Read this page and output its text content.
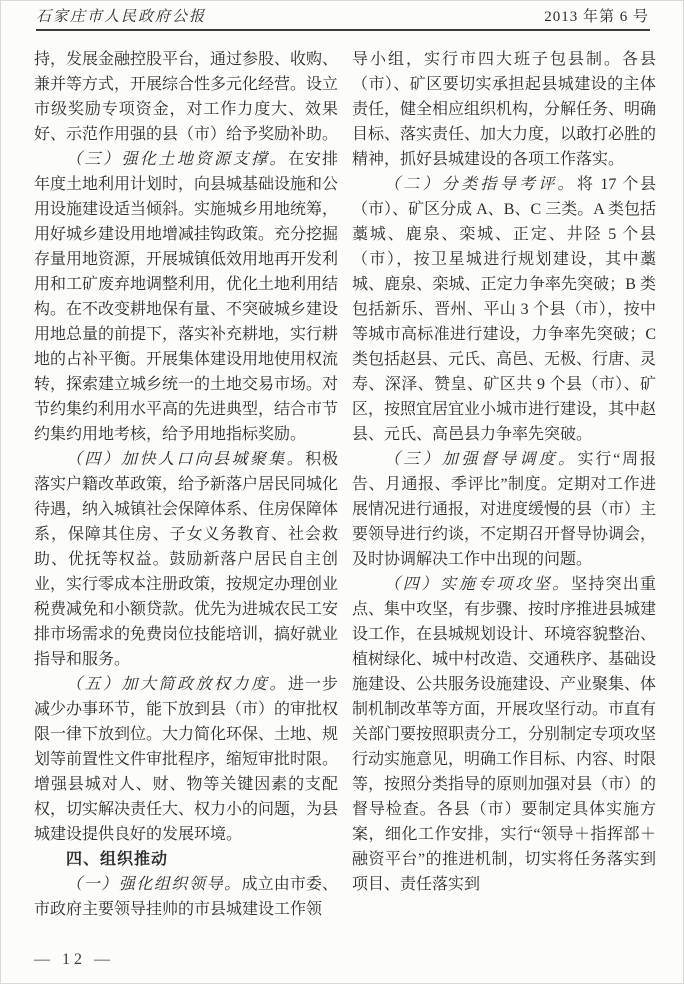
石家庄市人民政府公报	2013 年第 6 号

持，发展金融控股平台，通过参股、收购、兼并等方式，开展综合性多元化经营。设立市级奖励专项资金，对工作力度大、效果好、示范作用强的县（市）给予奖励补助。

（三）强化土地资源支撑。在安排年度土地利用计划时，向县城基础设施和公用设施建设适当倾斜。实施城乡用地统筹，用好城乡建设用地增减挂钩政策。充分挖掘存量用地资源，开展城镇低效用地再开发利用和工矿废弃地调整利用，优化土地利用结构。在不改变耕地保有量、不突破城乡建设用地总量的前提下，落实补充耕地，实行耕地的占补平衡。开展集体建设用地使用权流转，探索建立城乡统一的土地交易市场。对节约集约利用水平高的先进典型，结合市节约集约用地考核，给予用地指标奖励。

（四）加快人口向县城聚集。积极落实户籍改革政策，给予新落户居民同城化待遇，纳入城镇社会保障体系、住房保障体系，保障其住房、子女义务教育、社会救助、优抚等权益。鼓励新落户居民自主创业，实行零成本注册政策，按规定办理创业税费减免和小额贷款。优先为进城农民工安排市场需求的免费岗位技能培训，搞好就业指导和服务。

（五）加大简政放权力度。进一步减少办事环节，能下放到县（市）的审批权限一律下放到位。大力简化环保、土地、规划等前置性文件审批程序，缩短审批时限。增强县城对人、财、物等关键因素的支配权，切实解决责任大、权力小的问题，为县城建设提供良好的发展环境。

四、组织推动

（一）强化组织领导。成立由市委、市政府主要领导挂帅的市县城建设工作领

导小组，实行市四大班子包县制。各县（市）、矿区要切实承担起县城建设的主体责任，健全相应组织机构，分解任务、明确目标、落实责任、加大力度，以敢打必胜的精神，抓好县城建设的各项工作落实。

（二）分类指导考评。将 17 个县（市）、矿区分成 A、B、C 三类。A 类包括藁城、鹿泉、栾城、正定、井陉 5 个县（市），按卫星城进行规划建设，其中藁城、鹿泉、栾城、正定力争率先突破；B 类包括新乐、晋州、平山 3 个县（市），按中等城市高标准进行建设，力争率先突破；C 类包括赵县、元氏、高邑、无极、行唐、灵寿、深泽、赞皇、矿区共 9 个县（市）、矿区，按照宜居宜业小城市进行建设，其中赵县、元氏、高邑县力争率先突破。

（三）加强督导调度。实行“周报告、月通报、季评比”制度。定期对工作进展情况进行通报，对进度缓慢的县（市）主要领导进行约谈，不定期召开督导协调会，及时协调解决工作中出现的问题。

（四）实施专项攻坚。坚持突出重点、集中攻坚，有步骤、按时序推进县城建设工作，在县城规划设计、环境容貌整治、植树绿化、城中村改造、交通秩序、基础设施建设、公共服务设施建设、产业聚集、体制机制改革等方面，开展攻坚行动。市直有关部门要按照职责分工，分别制定专项攻坚行动实施意见，明确工作目标、内容、时限等，按照分类指导的原则加强对县（市）的督导检查。各县（市）要制定具体实施方案，细化工作安排，实行“领导＋指挥部＋融资平台”的推进机制，切实将任务落实到项目、责任落实到

— 12 —
